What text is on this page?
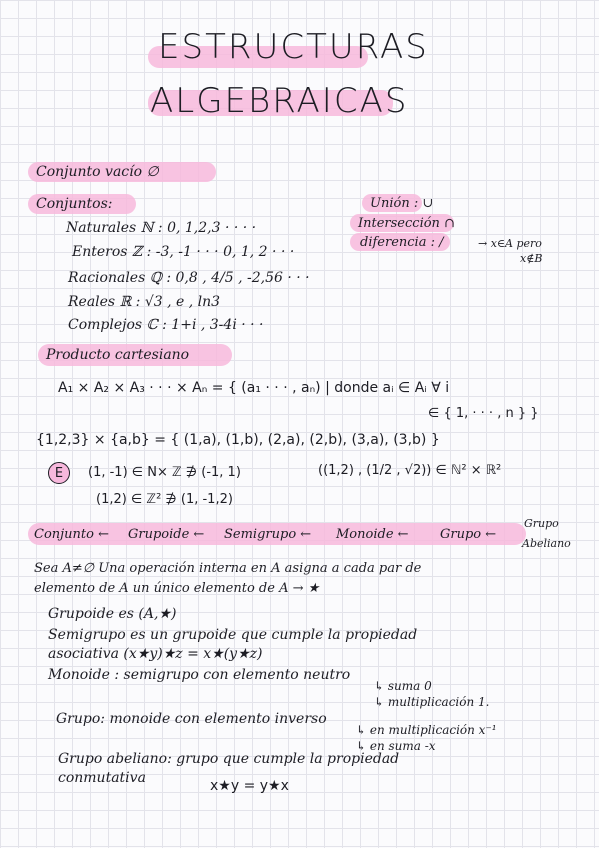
ESTRUCTURAS
ALGEBRAICAS
Conjunto vacío ∅
Conjuntos:
Naturales ℕ : 0, 1,2,3 · · · ·
Enteros ℤ : -3, -1 · · · 0, 1, 2 · · ·
Racionales ℚ : 0,8 , 4/5 , -2,56 · · ·
Reales ℝ : √3 , e , ln3
Complejos ℂ : 1+i , 3-4i · · ·
Unión : ∪
Intersección ∩
diferencia : /	→ x∈A pero
x∉B
Producto cartesiano
A₁ × A₂ × A₃ · · · × Aₙ = { (a₁ · · · , aₙ) | donde aᵢ ∈ Aᵢ ∀ i
∈ { 1, · · · , n } }
{1,2,3} × {a,b} = { (1,a), (1,b), (2,a), (2,b), (3,a), (3,b) }
E (1, -1) ∈ N× ℤ ∌ (-1, 1)	((1,2) , (1/2 , √2)) ∈ ℕ² × ℝ²
(1,2) ∈ ℤ² ∌ (1, -1,2)
Conjunto ← Grupoide ← Semigrupo ← Monoide ← Grupo ←
Grupo
Abeliano
Sea A≠∅ Una operación interna en A asigna a cada par de
elemento de A un único elemento de A → ★
Grupoide es (A,★)
Semigrupo es un grupoide que cumple la propiedad
asociativa (x★y)★z = x★(y★z)
Monoide : semigrupo con elemento neutro
↳ suma 0
↳ multiplicación 1.
Grupo: monoide con elemento inverso
↳ en multiplicación x⁻¹
↳ en suma -x
Grupo abeliano: grupo que cumple la propiedad
conmutativa	x★y = y★x
